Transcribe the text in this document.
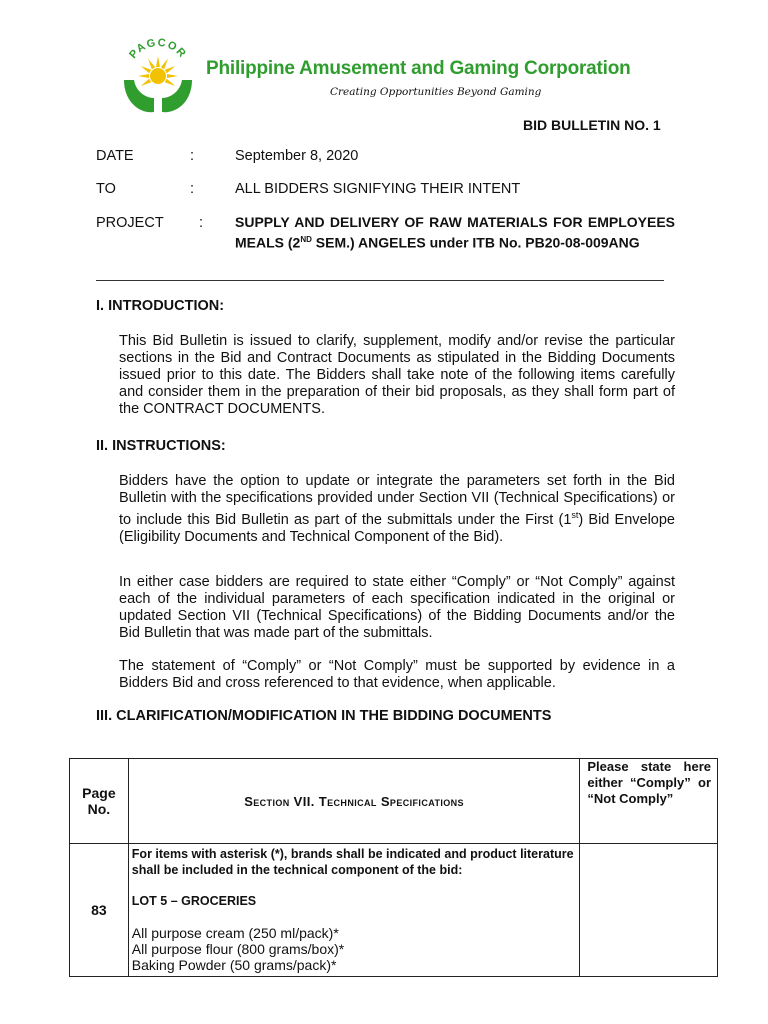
PAGCOR
Philippine Amusement and Gaming Corporation
Creating Opportunities Beyond Gaming
BID BULLETIN NO. 1
DATE	:	September 8, 2020
TO	:	ALL BIDDERS SIGNIFYING THEIR INTENT
PROJECT : SUPPLY AND DELIVERY OF RAW MATERIALS FOR EMPLOYEES MEALS (2ND SEM.) ANGELES under ITB No. PB20-08-009ANG
I. INTRODUCTION:
This Bid Bulletin is issued to clarify, supplement, modify and/or revise the particular sections in the Bid and Contract Documents as stipulated in the Bidding Documents issued prior to this date. The Bidders shall take note of the following items carefully and consider them in the preparation of their bid proposals, as they shall form part of the CONTRACT DOCUMENTS.
II. INSTRUCTIONS:
Bidders have the option to update or integrate the parameters set forth in the Bid Bulletin with the specifications provided under Section VII (Technical Specifications) or to include this Bid Bulletin as part of the submittals under the First (1st) Bid Envelope (Eligibility Documents and Technical Component of the Bid).
In either case bidders are required to state either “Comply” or “Not Comply” against each of the individual parameters of each specification indicated in the original or updated Section VII (Technical Specifications) of the Bidding Documents and/or the Bid Bulletin that was made part of the submittals.
The statement of “Comply” or “Not Comply” must be supported by evidence in a Bidders Bid and cross referenced to that evidence, when applicable.
III. CLARIFICATION/MODIFICATION IN THE BIDDING DOCUMENTS
Page No.	Section VII. Technical Specifications	Please state here either “Comply” or “Not Comply”
83	For items with asterisk (*), brands shall be indicated and product literature shall be included in the technical component of the bid:
LOT 5 – GROCERIES
All purpose cream (250 ml/pack)*
All purpose flour (800 grams/box)*
Baking Powder (50 grams/pack)*	
